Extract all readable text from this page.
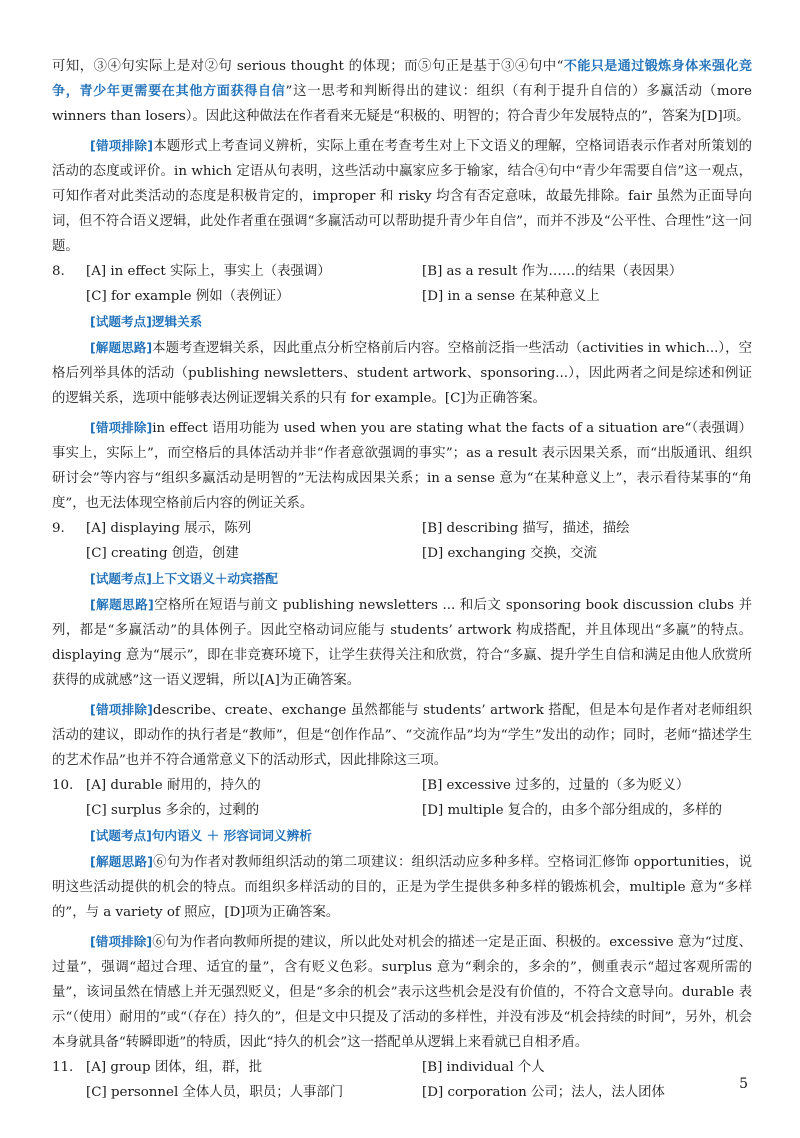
可知，③④句实际上是对②句 serious thought 的体现；而⑤句正是基于③④句中“不能只是通过锻炼身体来强化竞争，青少年更需要在其他方面获得自信”这一思考和判断得出的建议：组织（有利于提升自信的）多赢活动（more winners than losers）。因此这种做法在作者看来无疑是“积极的、明智的；符合青少年发展特点的”，答案为[D]项。

[错项排除]本题形式上考查词义辨析，实际上重在考查考生对上下文语义的理解，空格词语表示作者对所策划的活动的态度或评价。in which 定语从句表明，这些活动中赢家应多于输家，结合④句中“青少年需要自信”这一观点，可知作者对此类活动的态度是积极肯定的，improper 和 risky 均含有否定意味，故最先排除。fair 虽然为正面导向词，但不符合语义逻辑，此处作者重在强调“多赢活动可以帮助提升青少年自信”，而并不涉及“公平性、合理性”这一问题。

8.	[A] in effect 实际上，事实上（表强调）	[B] as a result 作为……的结果（表因果）
[C] for example 例如（表例证）	[D] in a sense 在某种意义上

[试题考点]逻辑关系

[解题思路]本题考查逻辑关系，因此重点分析空格前后内容。空格前泛指一些活动（activities in which...），空格后列举具体的活动（publishing newsletters、student artwork、sponsoring...），因此两者之间是综述和例证的逻辑关系，选项中能够表达例证逻辑关系的只有 for example。[C]为正确答案。

[错项排除]in effect 语用功能为 used when you are stating what the facts of a situation are“（表强调）事实上，实际上”，而空格后的具体活动并非“作者意欲强调的事实”；as a result 表示因果关系，而“出版通讯、组织研讨会”等内容与“组织多赢活动是明智的”无法构成因果关系；in a sense 意为“在某种意义上”，表示看待某事的“角度”，也无法体现空格前后内容的例证关系。

9.	[A] displaying 展示，陈列	[B] describing 描写，描述，描绘
[C] creating 创造，创建	[D] exchanging 交换，交流

[试题考点]上下文语义＋动宾搭配

[解题思路]空格所在短语与前文 publishing newsletters ... 和后文 sponsoring book discussion clubs 并列，都是“多赢活动”的具体例子。因此空格动词应能与 students’ artwork 构成搭配，并且体现出“多赢”的特点。displaying 意为“展示”，即在非竞赛环境下，让学生获得关注和欣赏，符合“多赢、提升学生自信和满足由他人欣赏所获得的成就感”这一语义逻辑，所以[A]为正确答案。

[错项排除]describe、create、exchange 虽然都能与 students’ artwork 搭配，但是本句是作者对老师组织活动的建议，即动作的执行者是“教师”，但是“创作作品”、“交流作品”均为“学生”发出的动作；同时，老师“描述学生的艺术作品”也并不符合通常意义下的活动形式，因此排除这三项。

10. [A] durable 耐用的，持久的	[B] excessive 过多的，过量的（多为贬义）
[C] surplus 多余的，过剩的	[D] multiple 复合的，由多个部分组成的，多样的

[试题考点]句内语义 ＋ 形容词词义辨析

[解题思路]⑥句为作者对教师组织活动的第二项建议：组织活动应多种多样。空格词汇修饰 opportunities，说明这些活动提供的机会的特点。而组织多样活动的目的，正是为学生提供多种多样的锻炼机会，multiple 意为“多样的”，与 a variety of 照应，[D]项为正确答案。

[错项排除]⑥句为作者向教师所提的建议，所以此处对机会的描述一定是正面、积极的。excessive 意为“过度、过量”，强调“超过合理、适宜的量”，含有贬义色彩。surplus 意为“剩余的，多余的”，侧重表示“超过客观所需的量”，该词虽然在情感上并无强烈贬义，但是“多余的机会”表示这些机会是没有价值的，不符合文意导向。durable 表示“（使用）耐用的”或“（存在）持久的”，但是文中只提及了活动的多样性，并没有涉及“机会持续的时间”，另外，机会本身就具备“转瞬即逝”的特质，因此“持久的机会”这一搭配单从逻辑上来看就已自相矛盾。

11. [A] group 团体，组，群，批	[B] individual 个人
[C] personnel 全体人员，职员；人事部门	[D] corporation 公司；法人，法人团体
5
